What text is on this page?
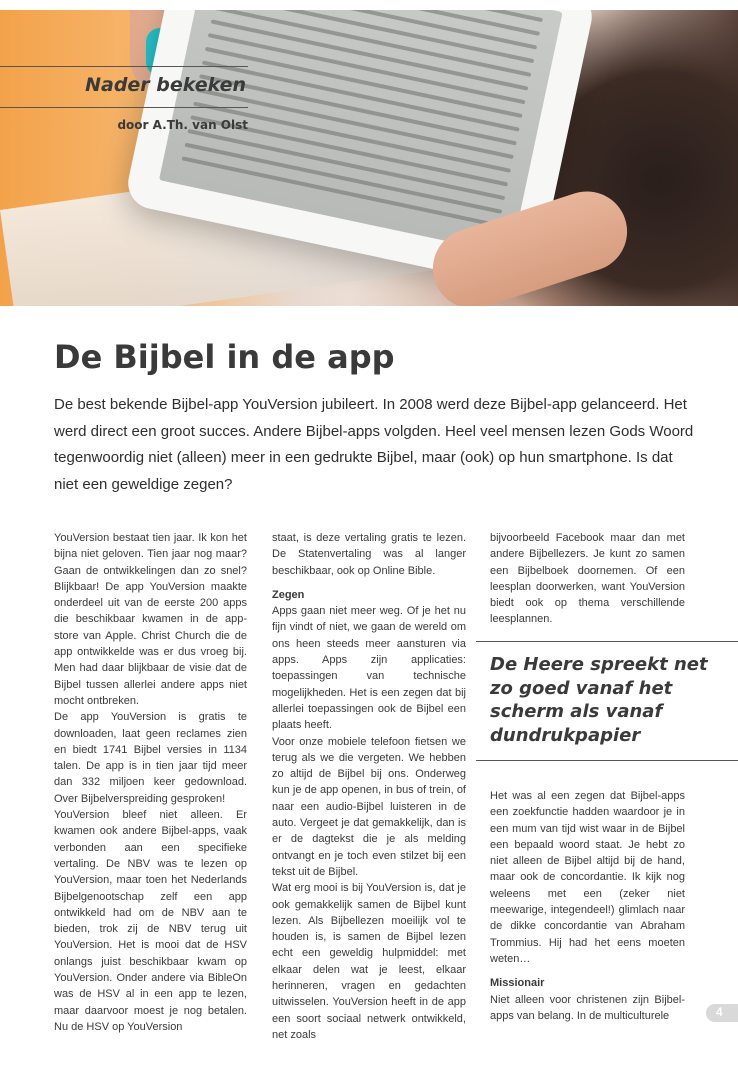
Nader bekeken
door A.Th. van Olst
De Bijbel in de app

De best bekende Bijbel-app YouVersion jubileert. In 2008 werd deze Bijbel-app gelanceerd. Het werd direct een groot succes. Andere Bijbel-apps volgden. Heel veel mensen lezen Gods Woord tegenwoordig niet (alleen) meer in een gedrukte Bijbel, maar (ook) op hun smartphone. Is dat niet een geweldige zegen?

YouVersion bestaat tien jaar. Ik kon het bijna niet geloven. Tien jaar nog maar? Gaan de ontwikkelingen dan zo snel? Blijkbaar! De app YouVersion maakte onderdeel uit van de eerste 200 apps die beschikbaar kwamen in de app-store van Apple. Christ Church die de app ontwikkelde was er dus vroeg bij. Men had daar blijkbaar de visie dat de Bijbel tussen allerlei andere apps niet mocht ontbreken.

De app YouVersion is gratis te downloaden, laat geen reclames zien en biedt 1741 Bijbel versies in 1134 talen. De app is in tien jaar tijd meer dan 332 miljoen keer gedownload. Over Bijbelverspreiding gesproken!

YouVersion bleef niet alleen. Er kwamen ook andere Bijbel-apps, vaak verbonden aan een specifieke vertaling. De NBV was te lezen op YouVersion, maar toen het Nederlands Bijbelgenootschap zelf een app ontwikkeld had om de NBV aan te bieden, trok zij de NBV terug uit YouVersion. Het is mooi dat de HSV onlangs juist beschikbaar kwam op YouVersion. Onder andere via BibleOn was de HSV al in een app te lezen, maar daarvoor moest je nog betalen. Nu de HSV op YouVersion

staat, is deze vertaling gratis te lezen. De Statenvertaling was al langer beschikbaar, ook op Online Bible.

Zegen

Apps gaan niet meer weg. Of je het nu fijn vindt of niet, we gaan de wereld om ons heen steeds meer aansturen via apps. Apps zijn applicaties: toepassingen van technische mogelijkheden. Het is een zegen dat bij allerlei toepassingen ook de Bijbel een plaats heeft.

Voor onze mobiele telefoon fietsen we terug als we die vergeten. We hebben zo altijd de Bijbel bij ons. Onderweg kun je de app openen, in bus of trein, of naar een audio-Bijbel luisteren in de auto. Vergeet je dat gemakkelijk, dan is er de dagtekst die je als melding ontvangt en je toch even stilzet bij een tekst uit de Bijbel.

Wat erg mooi is bij YouVersion is, dat je ook gemakkelijk samen de Bijbel kunt lezen. Als Bijbellezen moeilijk vol te houden is, is samen de Bijbel lezen echt een geweldig hulpmiddel: met elkaar delen wat je leest, elkaar herinneren, vragen en gedachten uitwisselen. YouVersion heeft in de app een soort sociaal netwerk ontwikkeld, net zoals

bijvoorbeeld Facebook maar dan met andere Bijbellezers. Je kunt zo samen een Bijbelboek doornemen. Of een leesplan doorwerken, want YouVersion biedt ook op thema verschillende leesplannen.

De Heere spreekt net zo goed vanaf het scherm als vanaf dundrukpapier

Het was al een zegen dat Bijbel-apps een zoekfunctie hadden waardoor je in een mum van tijd wist waar in de Bijbel een bepaald woord staat. Je hebt zo niet alleen de Bijbel altijd bij de hand, maar ook de concordantie. Ik kijk nog weleens met een (zeker niet meewarige, integendeel!) glimlach naar de dikke concordantie van Abraham Trommius. Hij had het eens moeten weten…

Missionair

Niet alleen voor christenen zijn Bijbel-apps van belang. In de multiculturele	4
